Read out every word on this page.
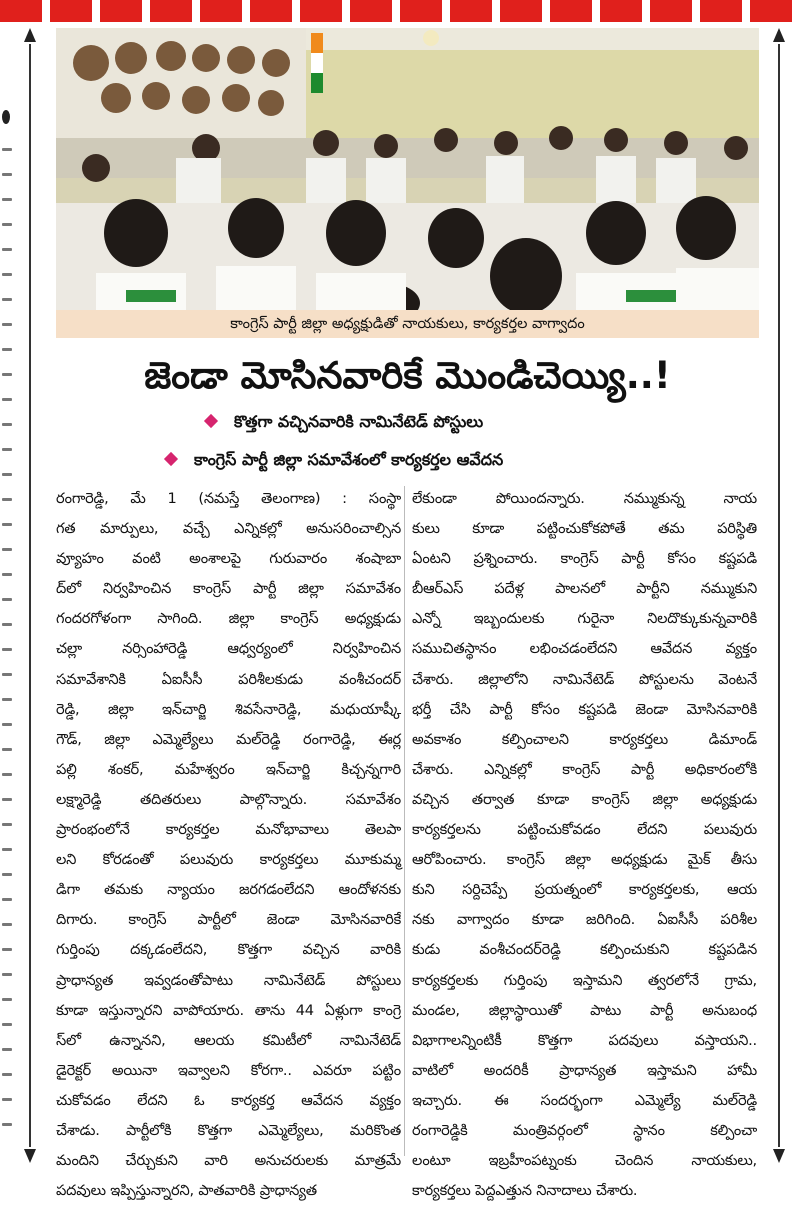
కాంగ్రెస్‌ పార్టీ జిల్లా అధ్యక్షుడితో నాయకులు, కార్యకర్తల వాగ్వాదం
జెండా మోసినవారికే మొండిచెయ్యి..!
కొత్తగా వచ్చినవారికి నామినేటెడ్‌ పోస్టులు
కాంగ్రెస్‌ పార్టీ జిల్లా సమావేశంలో కార్యకర్తల ఆవేదన
రంగారెడ్డి, మే 1 (నమస్తే తెలంగాణ) : సంస్థా
గత మార్పులు, వచ్చే ఎన్నికల్లో అనుసరించాల్సిన
వ్యూహం వంటి అంశాలపై గురువారం శంషాబా
ద్‌లో నిర్వహించిన కాంగ్రెస్‌ పార్టీ జిల్లా సమావేశం
గందరగోళంగా సాగింది. జిల్లా కాంగ్రెస్‌ అధ్యక్షుడు
చల్లా నర్సింహారెడ్డి ఆధ్వర్యంలో నిర్వహించిన
సమావేశానికి ఏఐసీసీ పరిశీలకుడు వంశీచందర్‌
రెడ్డి, జిల్లా ఇన్‌చార్జి శివసేనారెడ్డి, మధుయాష్కీ
గౌడ్‌, జిల్లా ఎమ్మెల్యేలు మల్‌రెడ్డి రంగారెడ్డి, ఈర్ల
పల్లి శంకర్‌, మహేశ్వరం ఇన్‌చార్జి కిచ్చన్నగారి
లక్ష్మారెడ్డి తదితరులు పాల్గొన్నారు. సమావేశం
ప్రారంభంలోనే కార్యకర్తల మనోభావాలు తెలపా
లని కోరడంతో పలువురు కార్యకర్తలు మూకుమ్మ
డిగా తమకు న్యాయం జరగడంలేదని ఆందోళనకు
దిగారు. కాంగ్రెస్‌ పార్టీలో జెండా మోసినవారికే
గుర్తింపు దక్కడంలేదని, కొత్తగా వచ్చిన వారికి
ప్రాధాన్యత ఇవ్వడంతోపాటు నామినేటెడ్‌ పోస్టులు
కూడా ఇస్తున్నారని వాపోయారు. తాను 44 ఏళ్లుగా కాంగ్రె
స్‌లో ఉన్నానని, ఆలయ కమిటీలో నామినేటెడ్‌
డైరెక్టర్‌ అయినా ఇవ్వాలని కోరగా.. ఎవరూ పట్టిం
చుకోవడం లేదని ఓ కార్యకర్త ఆవేదన వ్యక్తం
చేశాడు. పార్టీలోకి కొత్తగా ఎమ్మెల్యేలు, మరికొంత
మందిని చేర్చుకుని వారి అనుచరులకు మాత్రమే
పదవులు ఇప్పిస్తున్నారని, పాతవారికి ప్రాధాన్యత
లేకుండా పోయిందన్నారు. నమ్ముకున్న నాయ
కులు కూడా పట్టించుకోకపోతే తమ పరిస్థితి
ఏంటని ప్రశ్నించారు. కాంగ్రెస్‌ పార్టీ కోసం కష్టపడి
బీఆర్‌ఎస్‌ పదేళ్ల పాలనలో పార్టీని నమ్ముకుని
ఎన్నో ఇబ్బందులకు గురైనా నిలదొక్కుకున్నవారికి
సముచితస్థానం లభించడంలేదని ఆవేదన వ్యక్తం
చేశారు. జిల్లాలోని నామినేటెడ్‌ పోస్టులను వెంటనే
భర్తీ చేసి పార్టీ కోసం కష్టపడి జెండా మోసినవారికి
అవకాశం కల్పించాలని కార్యకర్తలు డిమాండ్‌
చేశారు. ఎన్నికల్లో కాంగ్రెస్‌ పార్టీ అధికారంలోకి
వచ్చిన తర్వాత కూడా కాంగ్రెస్‌ జిల్లా అధ్యక్షుడు
కార్యకర్తలను పట్టించుకోవడం లేదని పలువురు
ఆరోపించారు. కాంగ్రెస్‌ జిల్లా అధ్యక్షుడు మైక్‌ తీసు
కుని సర్దిచెప్పే ప్రయత్నంలో కార్యకర్తలకు, ఆయ
నకు వాగ్వాదం కూడా జరిగింది. ఏఐసీసీ పరిశీల
కుడు వంశీచందర్‌రెడ్డి కల్పించుకుని కష్టపడిన
కార్యకర్తలకు గుర్తింపు ఇస్తామని త్వరలోనే గ్రామ,
మండల, జిల్లాస్థాయితో పాటు పార్టీ అనుబంధ
విభాగాలన్నింటికీ కొత్తగా పదవులు వస్తాయని..
వాటిలో అందరికీ ప్రాధాన్యత ఇస్తామని హామీ
ఇచ్చారు. ఈ సందర్భంగా ఎమ్మెల్యే మల్‌రెడ్డి
రంగారెడ్డికి మంత్రివర్గంలో స్థానం కల్పించా
లంటూ ఇబ్రహీంపట్నంకు చెందిన నాయకులు,
కార్యకర్తలు పెద్దఎత్తున నినాదాలు చేశారు.
